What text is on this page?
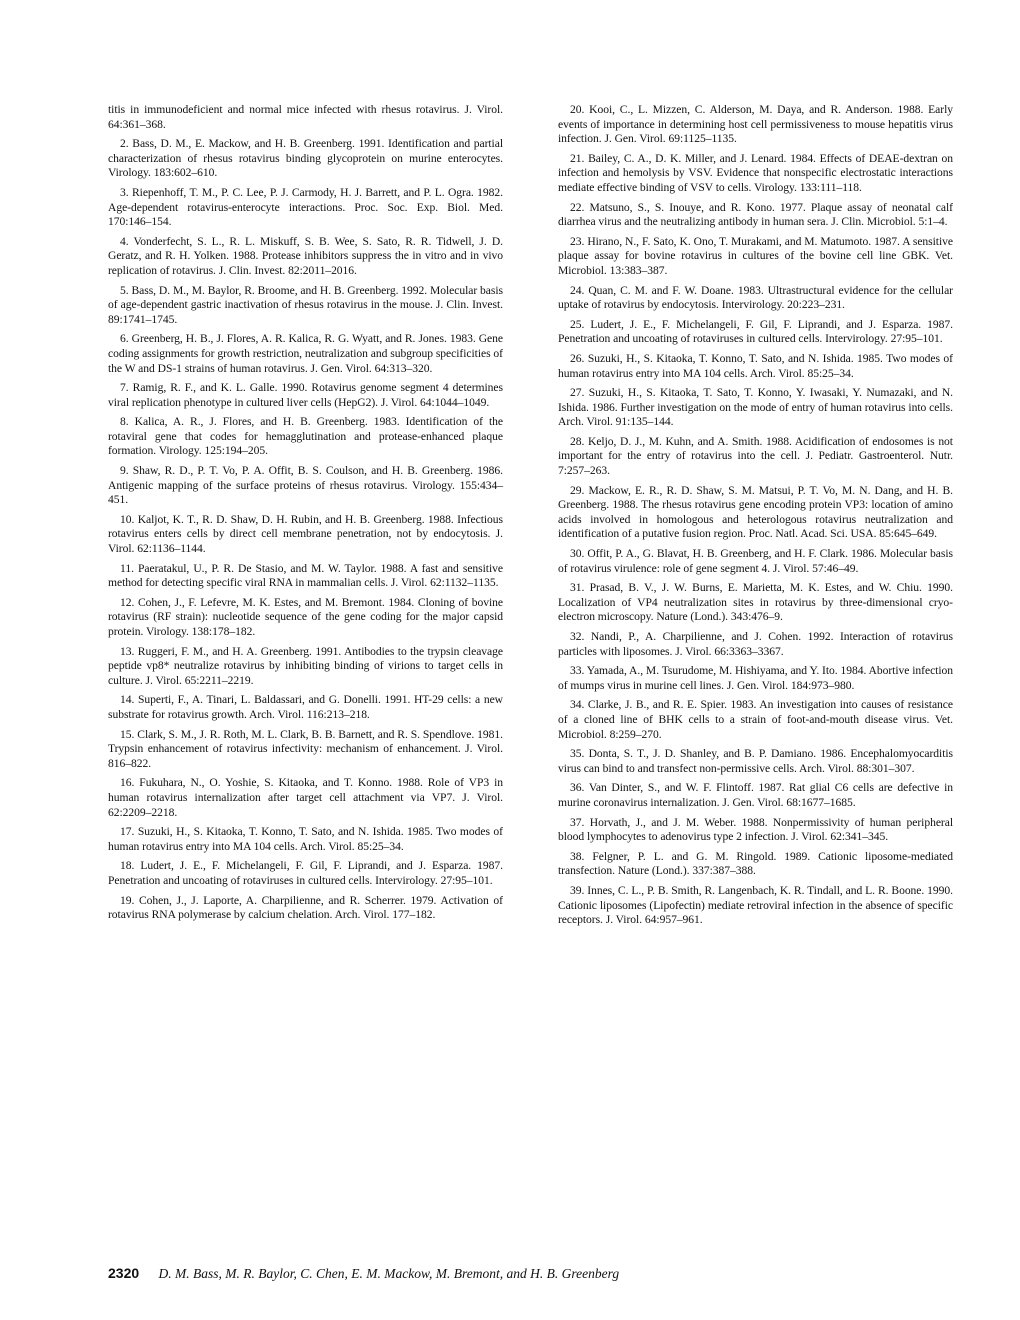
titis in immunodeficient and normal mice infected with rhesus rotavirus. J. Virol. 64:361–368.

2. Bass, D. M., E. Mackow, and H. B. Greenberg. 1991. Identification and partial characterization of rhesus rotavirus binding glycoprotein on murine enterocytes. Virology. 183:602–610.

3. Riepenhoff, T. M., P. C. Lee, P. J. Carmody, H. J. Barrett, and P. L. Ogra. 1982. Age-dependent rotavirus-enterocyte interactions. Proc. Soc. Exp. Biol. Med. 170:146–154.

4. Vonderfecht, S. L., R. L. Miskuff, S. B. Wee, S. Sato, R. R. Tidwell, J. D. Geratz, and R. H. Yolken. 1988. Protease inhibitors suppress the in vitro and in vivo replication of rotavirus. J. Clin. Invest. 82:2011–2016.

5. Bass, D. M., M. Baylor, R. Broome, and H. B. Greenberg. 1992. Molecular basis of age-dependent gastric inactivation of rhesus rotavirus in the mouse. J. Clin. Invest. 89:1741–1745.

6. Greenberg, H. B., J. Flores, A. R. Kalica, R. G. Wyatt, and R. Jones. 1983. Gene coding assignments for growth restriction, neutralization and subgroup specificities of the W and DS-1 strains of human rotavirus. J. Gen. Virol. 64:313–320.

7. Ramig, R. F., and K. L. Galle. 1990. Rotavirus genome segment 4 determines viral replication phenotype in cultured liver cells (HepG2). J. Virol. 64:1044–1049.

8. Kalica, A. R., J. Flores, and H. B. Greenberg. 1983. Identification of the rotaviral gene that codes for hemagglutination and protease-enhanced plaque formation. Virology. 125:194–205.

9. Shaw, R. D., P. T. Vo, P. A. Offit, B. S. Coulson, and H. B. Greenberg. 1986. Antigenic mapping of the surface proteins of rhesus rotavirus. Virology. 155:434–451.

10. Kaljot, K. T., R. D. Shaw, D. H. Rubin, and H. B. Greenberg. 1988. Infectious rotavirus enters cells by direct cell membrane penetration, not by endocytosis. J. Virol. 62:1136–1144.

11. Paeratakul, U., P. R. De Stasio, and M. W. Taylor. 1988. A fast and sensitive method for detecting specific viral RNA in mammalian cells. J. Virol. 62:1132–1135.

12. Cohen, J., F. Lefevre, M. K. Estes, and M. Bremont. 1984. Cloning of bovine rotavirus (RF strain): nucleotide sequence of the gene coding for the major capsid protein. Virology. 138:178–182.

13. Ruggeri, F. M., and H. A. Greenberg. 1991. Antibodies to the trypsin cleavage peptide vp8* neutralize rotavirus by inhibiting binding of virions to target cells in culture. J. Virol. 65:2211–2219.

14. Superti, F., A. Tinari, L. Baldassari, and G. Donelli. 1991. HT-29 cells: a new substrate for rotavirus growth. Arch. Virol. 116:213–218.

15. Clark, S. M., J. R. Roth, M. L. Clark, B. B. Barnett, and R. S. Spendlove. 1981. Trypsin enhancement of rotavirus infectivity: mechanism of enhancement. J. Virol. 816–822.

16. Fukuhara, N., O. Yoshie, S. Kitaoka, and T. Konno. 1988. Role of VP3 in human rotavirus internalization after target cell attachment via VP7. J. Virol. 62:2209–2218.

17. Suzuki, H., S. Kitaoka, T. Konno, T. Sato, and N. Ishida. 1985. Two modes of human rotavirus entry into MA 104 cells. Arch. Virol. 85:25–34.

18. Ludert, J. E., F. Michelangeli, F. Gil, F. Liprandi, and J. Esparza. 1987. Penetration and uncoating of rotaviruses in cultured cells. Intervirology. 27:95–101.

19. Cohen, J., J. Laporte, A. Charpilienne, and R. Scherrer. 1979. Activation of rotavirus RNA polymerase by calcium chelation. Arch. Virol. 177–182.

20. Kooi, C., L. Mizzen, C. Alderson, M. Daya, and R. Anderson. 1988. Early events of importance in determining host cell permissiveness to mouse hepatitis virus infection. J. Gen. Virol. 69:1125–1135.

21. Bailey, C. A., D. K. Miller, and J. Lenard. 1984. Effects of DEAE-dextran on infection and hemolysis by VSV. Evidence that nonspecific electrostatic interactions mediate effective binding of VSV to cells. Virology. 133:111–118.

22. Matsuno, S., S. Inouye, and R. Kono. 1977. Plaque assay of neonatal calf diarrhea virus and the neutralizing antibody in human sera. J. Clin. Microbiol. 5:1–4.

23. Hirano, N., F. Sato, K. Ono, T. Murakami, and M. Matumoto. 1987. A sensitive plaque assay for bovine rotavirus in cultures of the bovine cell line GBK. Vet. Microbiol. 13:383–387.

24. Quan, C. M. and F. W. Doane. 1983. Ultrastructural evidence for the cellular uptake of rotavirus by endocytosis. Intervirology. 20:223–231.

25. Ludert, J. E., F. Michelangeli, F. Gil, F. Liprandi, and J. Esparza. 1987. Penetration and uncoating of rotaviruses in cultured cells. Intervirology. 27:95–101.

26. Suzuki, H., S. Kitaoka, T. Konno, T. Sato, and N. Ishida. 1985. Two modes of human rotavirus entry into MA 104 cells. Arch. Virol. 85:25–34.

27. Suzuki, H., S. Kitaoka, T. Sato, T. Konno, Y. Iwasaki, Y. Numazaki, and N. Ishida. 1986. Further investigation on the mode of entry of human rotavirus into cells. Arch. Virol. 91:135–144.

28. Keljo, D. J., M. Kuhn, and A. Smith. 1988. Acidification of endosomes is not important for the entry of rotavirus into the cell. J. Pediatr. Gastroenterol. Nutr. 7:257–263.

29. Mackow, E. R., R. D. Shaw, S. M. Matsui, P. T. Vo, M. N. Dang, and H. B. Greenberg. 1988. The rhesus rotavirus gene encoding protein VP3: location of amino acids involved in homologous and heterologous rotavirus neutralization and identification of a putative fusion region. Proc. Natl. Acad. Sci. USA. 85:645–649.

30. Offit, P. A., G. Blavat, H. B. Greenberg, and H. F. Clark. 1986. Molecular basis of rotavirus virulence: role of gene segment 4. J. Virol. 57:46–49.

31. Prasad, B. V., J. W. Burns, E. Marietta, M. K. Estes, and W. Chiu. 1990. Localization of VP4 neutralization sites in rotavirus by three-dimensional cryo-electron microscopy. Nature (Lond.). 343:476–9.

32. Nandi, P., A. Charpilienne, and J. Cohen. 1992. Interaction of rotavirus particles with liposomes. J. Virol. 66:3363–3367.

33. Yamada, A., M. Tsurudome, M. Hishiyama, and Y. Ito. 1984. Abortive infection of mumps virus in murine cell lines. J. Gen. Virol. 184:973–980.

34. Clarke, J. B., and R. E. Spier. 1983. An investigation into causes of resistance of a cloned line of BHK cells to a strain of foot-and-mouth disease virus. Vet. Microbiol. 8:259–270.

35. Donta, S. T., J. D. Shanley, and B. P. Damiano. 1986. Encephalomyocarditis virus can bind to and transfect non-permissive cells. Arch. Virol. 88:301–307.

36. Van Dinter, S., and W. F. Flintoff. 1987. Rat glial C6 cells are defective in murine coronavirus internalization. J. Gen. Virol. 68:1677–1685.

37. Horvath, J., and J. M. Weber. 1988. Nonpermissivity of human peripheral blood lymphocytes to adenovirus type 2 infection. J. Virol. 62:341–345.

38. Felgner, P. L. and G. M. Ringold. 1989. Cationic liposome-mediated transfection. Nature (Lond.). 337:387–388.

39. Innes, C. L., P. B. Smith, R. Langenbach, K. R. Tindall, and L. R. Boone. 1990. Cationic liposomes (Lipofectin) mediate retroviral infection in the absence of specific receptors. J. Virol. 64:957–961.

2320 D. M. Bass, M. R. Baylor, C. Chen, E. M. Mackow, M. Bremont, and H. B. Greenberg
